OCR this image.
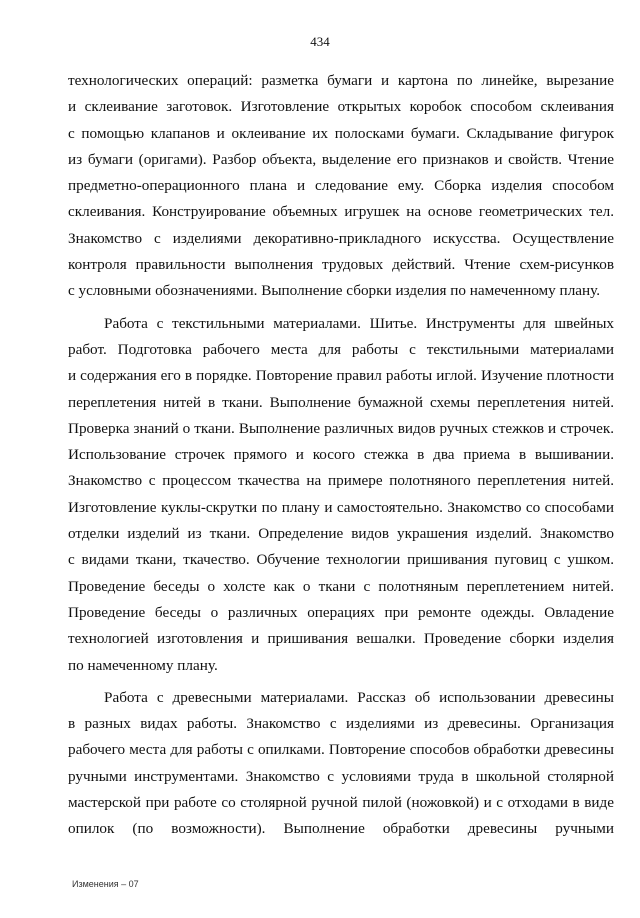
434

технологических операций: разметка бумаги и картона по линейке, вырезание
и склеивание заготовок. Изготовление открытых коробок способом склеивания
с помощью клапанов и оклеивание их полосками бумаги. Складывание фигурок
из бумаги (оригами). Разбор объекта, выделение его признаков и свойств. Чтение
предметно-операционного плана и следование ему. Сборка изделия способом
склеивания. Конструирование объемных игрушек на основе геометрических тел.
Знакомство с изделиями декоративно-прикладного искусства. Осуществление
контроля правильности выполнения трудовых действий. Чтение схем-рисунков
с условными обозначениями. Выполнение сборки изделия по намеченному плану.

Работа с текстильными материалами. Шитье. Инструменты для швейных
работ. Подготовка рабочего места для работы с текстильными материалами
и содержания его в порядке. Повторение правил работы иглой. Изучение плотности
переплетения нитей в ткани. Выполнение бумажной схемы переплетения нитей.
Проверка знаний о ткани. Выполнение различных видов ручных стежков и строчек.
Использование строчек прямого и косого стежка в два приема в вышивании.
Знакомство с процессом ткачества на примере полотняного переплетения нитей.
Изготовление куклы-скрутки по плану и самостоятельно. Знакомство со способами
отделки изделий из ткани. Определение видов украшения изделий. Знакомство
с видами ткани, ткачество. Обучение технологии пришивания пуговиц с ушком.
Проведение беседы о холсте как о ткани с полотняным переплетением нитей.
Проведение беседы о различных операциях при ремонте одежды. Овладение
технологией изготовления и пришивания вешалки. Проведение сборки изделия
по намеченному плану.

Работа с древесными материалами. Рассказ об использовании древесины
в разных видах работы. Знакомство с изделиями из древесины. Организация
рабочего места для работы с опилками. Повторение способов обработки древесины
ручными инструментами. Знакомство с условиями труда в школьной столярной
мастерской при работе со столярной ручной пилой (ножовкой) и с отходами в виде
опилок (по возможности). Выполнение обработки древесины ручными

Изменения – 07
